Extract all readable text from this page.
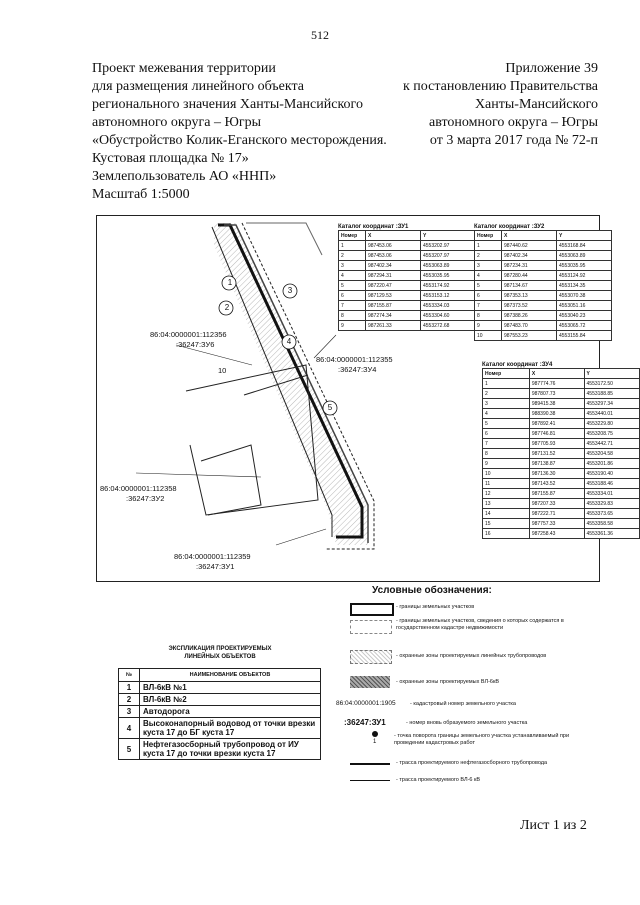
512
Проект межевания территории
для размещения линейного объекта
регионального значения Ханты-Мансийского
автономного округа – Югры
«Обустройство Колик-Еганского месторождения.
Кустовая площадка № 17»
Землепользователь АО «ННП»
Масштаб 1:5000
Приложение 39
к постановлению Правительства
Ханты-Мансийского
автономного округа – Югры
от 3 марта 2017 года № 72-п
1
2
3
4
5
10
86:04:0000001:112356
:36247:ЗУ6
86:04:0000001:112355
:36247:ЗУ4
86:04:0000001:112358
:36247:ЗУ2
86:04:0000001:112359
:36247:ЗУ1
Каталог координат :ЗУ1
Номер	X	Y
1	987453.06	4553202.97
2	987453.06	4553207.97
3	987402.34	4553063.89
4	987294.31	4553035.95
5	987220.47	4553174.92
6	987129.53	4553153.12
7	987155.87	4553334.03
8	987274.34	4553304.60
9	987261.33	4553272.68
Каталог координат :ЗУ2
Номер	X	Y
1	987440.62	4553168.84
2	987402.34	4553063.89
3	987234.31	4553035.95
4	987280.44	4553124.92
5	987134.67	4553134.35
6	987353.13	4553070.38
7	987373.52	4553051.16
8	987388.26	4553040.23
9	987483.70	4553065.72
10	987553.23	4553155.84
Каталог координат :ЗУ4
Номер	X	Y
1	987774.76	4553172.50
2	987807.73	4553188.85
3	989415.38	4553297.34
4	988390.38	4553440.01
5	987892.41	4553229.80
6	987746.81	4553208.75
7	987705.93	4553442.71
8	987131.52	4553204.58
9	987138.87	4553201.86
10	987136.30	4553190.40
11	987143.52	4553188.46
12	987155.87	4553334.01
13	987207.33	4553329.83
14	987222.71	4553373.65
15	987757.33	4553358.58
16	987258.43	4553361.36
Условные обозначения:
- границы земельных участков
- границы земельных участков, сведения о которых содержатся в государственном кадастре недвижимости
- охранные зоны проектируемых линейных трубопроводов
- охранные зоны проектируемых ВЛ-6кВ
86:04:0000001:1905	- кадастровый номер земельного участка
:36247:ЗУ1	- номер вновь образуемого земельного участка
1
- точка поворота границы земельного участка устанавливаемый при проведении кадастровых работ
- трасса проектируемого нефтегазосборного трубопровода
- трасса проектируемого ВЛ-6 кВ
ЭКСПЛИКАЦИЯ ПРОЕКТИРУЕМЫХ
ЛИНЕЙНЫХ ОБЪЕКТОВ
№	НАИМЕНОВАНИЕ ОБЪЕКТОВ
1	ВЛ-6кВ №1
2	ВЛ-6кВ №2
3	Автодорога
4	Высоконапорный водовод от точки врезки куста 17 до БГ куста 17
5	Нефтегазосборный трубопровод от ИУ куста 17 до точки врезки куста 17
Лист 1 из 2
